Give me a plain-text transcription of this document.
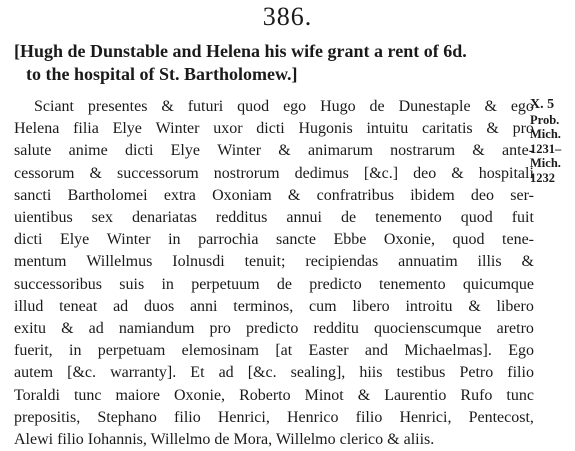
386.
[Hugh de Dunstable and Helena his wife grant a rent of 6d.
to the hospital of St. Bartholomew.]
Sciant presentes & futuri quod ego Hugo de Dunestaple & ego
Helena filia Elye Winter uxor dicti Hugonis intuitu caritatis & pro
salute anime dicti Elye Winter & animarum nostrarum & ante-
cessorum & successorum nostrorum dedimus [&c.] deo & hospitali
sancti Bartholomei extra Oxoniam & confratribus ibidem deo ser-
uientibus sex denariatas redditus annui de tenemento quod fuit
dicti Elye Winter in parrochia sancte Ebbe Oxonie, quod tene-
mentum Willelmus Iolnusdi tenuit; recipiendas annuatim illis &
successoribus suis in perpetuum de predicto tenemento quicumque
illud teneat ad duos anni terminos, cum libero introitu & libero
exitu & ad namiandum pro predicto redditu quocienscumque aretro
fuerit, in perpetuam elemosinam [at Easter and Michaelmas]. Ego
autem [&c. warranty]. Et ad [&c. sealing], hiis testibus Petro filio
Toraldi tunc maiore Oxonie, Roberto Minot & Laurentio Rufo tunc
prepositis, Stephano filio Henrici, Henrico filio Henrici, Pentecost,
Alewi filio Iohannis, Willelmo de Mora, Willelmo clerico & aliis.
X. 5
Prob.
Mich.
1231–
Mich.
1232
